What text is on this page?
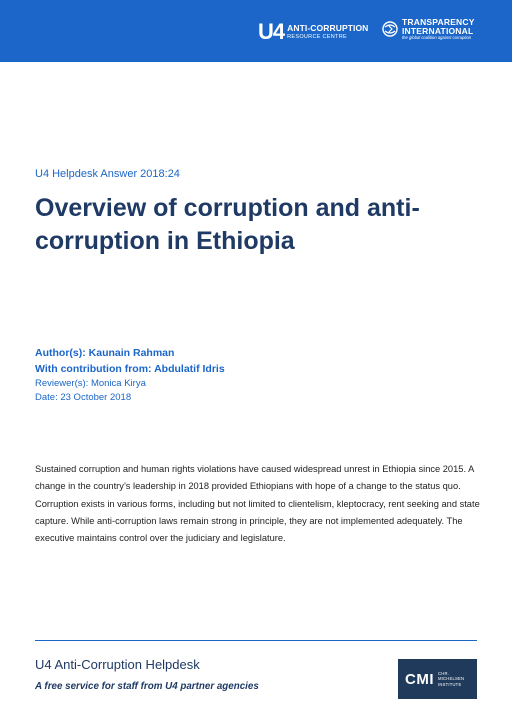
U4 ANTI-CORRUPTION
RESOURCE CENTRE
TRANSPARENCY
INTERNATIONAL
the global coalition against corruption
U4 Helpdesk Answer 2018:24
Overview of corruption and anti-corruption in Ethiopia
Author(s): Kaunain Rahman
With contribution from: Abdulatif Idris
Reviewer(s): Monica Kirya
Date: 23 October 2018

Sustained corruption and human rights violations have caused widespread unrest in Ethiopia since 2015. A change in the country’s leadership in 2018 provided Ethiopians with hope of a change to the status quo. Corruption exists in various forms, including but not limited to clientelism, kleptocracy, rent seeking and state capture. While anti-corruption laws remain strong in principle, they are not implemented adequately. The executive maintains control over the judiciary and legislature.

U4 Anti-Corruption Helpdesk
A free service for staff from U4 partner agencies	CMI CHR.
MICHELSEN
INSTITUTE
